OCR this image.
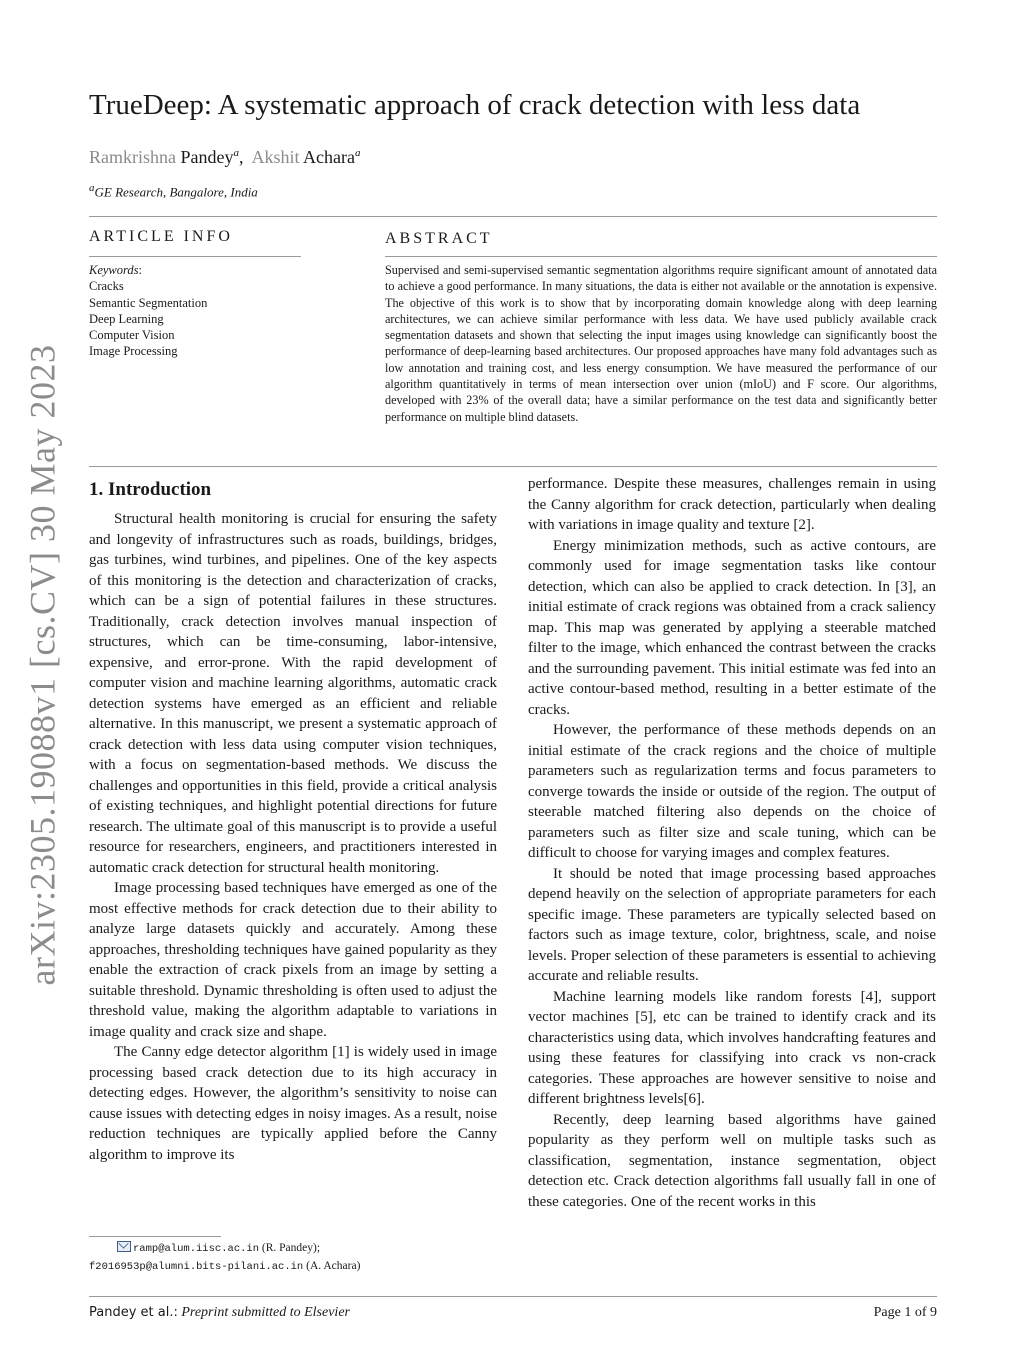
arXiv:2305.19088v1 [cs.CV] 30 May 2023
TrueDeep: A systematic approach of crack detection with less data
Ramkrishna Pandey$^a$,  Akshit Achara$^a$
$^a$GE Research, Bangalore, India
ARTICLE INFO	ABSTRACT
Keywords:
Cracks
Semantic Segmentation
Deep Learning
Computer Vision
Image Processing
Supervised and semi-supervised semantic segmentation algorithms require significant amount of annotated data to achieve a good performance. In many situations, the data is either not available or the annotation is expensive. The objective of this work is to show that by incorporating domain knowledge along with deep learning architectures, we can achieve similar performance with less data. We have used publicly available crack segmentation datasets and shown that selecting the input images using knowledge can significantly boost the performance of deep-learning based architectures. Our proposed approaches have many fold advantages such as low annotation and training cost, and less energy consumption. We have measured the performance of our algorithm quantitatively in terms of mean intersection over union (mIoU) and F score. Our algorithms, developed with 23% of the overall data; have a similar performance on the test data and significantly better performance on multiple blind datasets.
1. Introduction

Structural health monitoring is crucial for ensuring the safety and longevity of infrastructures such as roads, buildings, bridges, gas turbines, wind turbines, and pipelines. One of the key aspects of this monitoring is the detection and characterization of cracks, which can be a sign of potential failures in these structures. Traditionally, crack detection involves manual inspection of structures, which can be time-consuming, labor-intensive, expensive, and error-prone. With the rapid development of computer vision and machine learning algorithms, automatic crack detection systems have emerged as an efficient and reliable alternative. In this manuscript, we present a systematic approach of crack detection with less data using computer vision techniques, with a focus on segmentation-based methods. We discuss the challenges and opportunities in this field, provide a critical analysis of existing techniques, and highlight potential directions for future research. The ultimate goal of this manuscript is to provide a useful resource for researchers, engineers, and practitioners interested in automatic crack detection for structural health monitoring.

Image processing based techniques have emerged as one of the most effective methods for crack detection due to their ability to analyze large datasets quickly and accurately. Among these approaches, thresholding techniques have gained popularity as they enable the extraction of crack pixels from an image by setting a suitable threshold. Dynamic thresholding is often used to adjust the threshold value, making the algorithm adaptable to variations in image quality and crack size and shape.

The Canny edge detector algorithm [1] is widely used in image processing based crack detection due to its high accuracy in detecting edges. However, the algorithm’s sensitivity to noise can cause issues with detecting edges in noisy images. As a result, noise reduction techniques are typically applied before the Canny algorithm to improve its

performance. Despite these measures, challenges remain in using the Canny algorithm for crack detection, particularly when dealing with variations in image quality and texture [2].

Energy minimization methods, such as active contours, are commonly used for image segmentation tasks like contour detection, which can also be applied to crack detection. In [3], an initial estimate of crack regions was obtained from a crack saliency map. This map was generated by applying a steerable matched filter to the image, which enhanced the contrast between the cracks and the surrounding pavement. This initial estimate was fed into an active contour-based method, resulting in a better estimate of the cracks.

However, the performance of these methods depends on an initial estimate of the crack regions and the choice of multiple parameters such as regularization terms and focus parameters to converge towards the inside or outside of the region. The output of steerable matched filtering also depends on the choice of parameters such as filter size and scale tuning, which can be difficult to choose for varying images and complex features.

It should be noted that image processing based approaches depend heavily on the selection of appropriate parameters for each specific image. These parameters are typically selected based on factors such as image texture, color, brightness, scale, and noise levels. Proper selection of these parameters is essential to achieving accurate and reliable results.

Machine learning models like random forests [4], support vector machines [5], etc can be trained to identify crack and its characteristics using data, which involves handcrafting features and using these features for classifying into crack vs non-crack categories. These approaches are however sensitive to noise and different brightness levels[6].

Recently, deep learning based algorithms have gained popularity as they perform well on multiple tasks such as classification, segmentation, instance segmentation, object detection etc. Crack detection algorithms fall usually fall in one of these categories. One of the recent works in this

ramp@alum.iisc.ac.in (R. Pandey);
f2016953p@alumni.bits-pilani.ac.in (A. Achara)
Pandey et al.: Preprint submitted to Elsevier	Page 1 of 9
